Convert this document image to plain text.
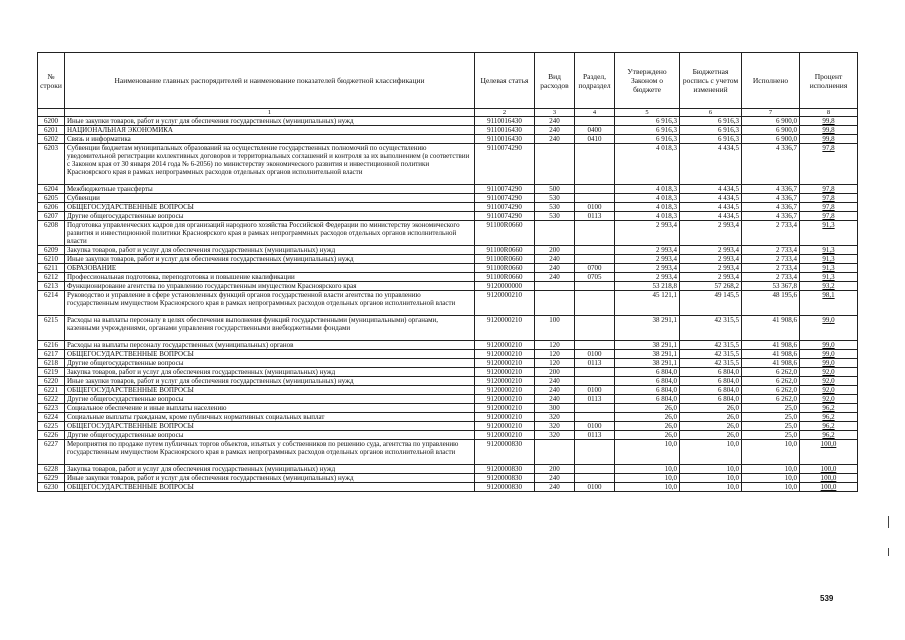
№ строки	Наименование главных распорядителей и наименование показателей бюджетной классификации	Целевая статья	Вид расходов	Раздел, подраздел	Утверждено Законом о бюджете	Бюджетная роспись с учетом изменений	Исполнено	Процент исполнения
	1	2	3	4	5	6	7	8
6200	Иные закупки товаров, работ и услуг для обеспечения государственных (муниципальных) нужд	9110016430	240		6 916,3	6 916,3	6 900,0	99,8
6201	НАЦИОНАЛЬНАЯ ЭКОНОМИКА	9110016430	240	0400	6 916,3	6 916,3	6 900,0	99,8
6202	Связь и информатика	9110016430	240	0410	6 916,3	6 916,3	6 900,0	99,8
6203	Субвенции бюджетам муниципальных образований на осуществление государственных полномочий по осуществлению уведомительной регистрации коллективных договоров и территориальных соглашений и контроля за их выполнением (в соответствии с Законом края от 30 января 2014 года № 6-2056) по министерству экономического развития и инвестиционной политики Красноярского края в рамках непрограммных расходов отдельных органов исполнительной власти	9110074290			4 018,3	4 434,5	4 336,7	97,8
6204	Межбюджетные трансферты	9110074290	500		4 018,3	4 434,5	4 336,7	97,8
6205	Субвенции	9110074290	530		4 018,3	4 434,5	4 336,7	97,8
6206	ОБЩЕГОСУДАРСТВЕННЫЕ ВОПРОСЫ	9110074290	530	0100	4 018,3	4 434,5	4 336,7	97,8
6207	Другие общегосударственные вопросы	9110074290	530	0113	4 018,3	4 434,5	4 336,7	97,8
6208	Подготовка управленческих кадров для организаций народного хозяйства Российской Федерации по министерству экономического развития и инвестиционной политики Красноярского края в рамках непрограммных расходов отдельных органов исполнительной власти	91100R0660			2 993,4	2 993,4	2 733,4	91,3
6209	Закупка товаров, работ и услуг для обеспечения государственных (муниципальных) нужд	91100R0660	200		2 993,4	2 993,4	2 733,4	91,3
6210	Иные закупки товаров, работ и услуг для обеспечения государственных (муниципальных) нужд	91100R0660	240		2 993,4	2 993,4	2 733,4	91,3
6211	ОБРАЗОВАНИЕ	91100R0660	240	0700	2 993,4	2 993,4	2 733,4	91,3
6212	Профессиональная подготовка, переподготовка и повышение квалификации	91100R0660	240	0705	2 993,4	2 993,4	2 733,4	91,3
6213	Функционирование агентства по управлению государственным имуществом Красноярского края	9120000000			53 218,8	57 268,2	53 367,8	93,2
6214	Руководство и управление в сфере установленных функций органов государственной власти агентства по управлению государственным имуществом Красноярского края в рамках непрограммных расходов отдельных органов исполнительной власти	9120000210			45 121,1	49 145,5	48 195,6	98,1
6215	Расходы на выплаты персоналу в целях обеспечения выполнения функций государственными (муниципальными) органами, казенными учреждениями, органами управления государственными внебюджетными фондами	9120000210	100		38 291,1	42 315,5	41 908,6	99,0
6216	Расходы на выплаты персоналу государственных (муниципальных) органов	9120000210	120		38 291,1	42 315,5	41 908,6	99,0
6217	ОБЩЕГОСУДАРСТВЕННЫЕ ВОПРОСЫ	9120000210	120	0100	38 291,1	42 315,5	41 908,6	99,0
6218	Другие общегосударственные вопросы	9120000210	120	0113	38 291,1	42 315,5	41 908,6	99,0
6219	Закупка товаров, работ и услуг для обеспечения государственных (муниципальных) нужд	9120000210	200		6 804,0	6 804,0	6 262,0	92,0
6220	Иные закупки товаров, работ и услуг для обеспечения государственных (муниципальных) нужд	9120000210	240		6 804,0	6 804,0	6 262,0	92,0
6221	ОБЩЕГОСУДАРСТВЕННЫЕ ВОПРОСЫ	9120000210	240	0100	6 804,0	6 804,0	6 262,0	92,0
6222	Другие общегосударственные вопросы	9120000210	240	0113	6 804,0	6 804,0	6 262,0	92,0
6223	Социальное обеспечение и иные выплаты населению	9120000210	300		26,0	26,0	25,0	96,2
6224	Социальные выплаты гражданам, кроме публичных нормативных социальных выплат	9120000210	320		26,0	26,0	25,0	96,2
6225	ОБЩЕГОСУДАРСТВЕННЫЕ ВОПРОСЫ	9120000210	320	0100	26,0	26,0	25,0	96,2
6226	Другие общегосударственные вопросы	9120000210	320	0113	26,0	26,0	25,0	96,2
6227	Мероприятия по продаже путем публичных торгов объектов, изъятых у собственников по решению суда, агентства по управлению государственным имуществом Красноярского края в рамках непрограммных расходов отдельных органов исполнительной власти	9120000830			10,0	10,0	10,0	100,0
6228	Закупка товаров, работ и услуг для обеспечения государственных (муниципальных) нужд	9120000830	200		10,0	10,0	10,0	100,0
6229	Иные закупки товаров, работ и услуг для обеспечения государственных (муниципальных) нужд	9120000830	240		10,0	10,0	10,0	100,0
6230	ОБЩЕГОСУДАРСТВЕННЫЕ ВОПРОСЫ	9120000830	240	0100	10,0	10,0	10,0	100,0
539
